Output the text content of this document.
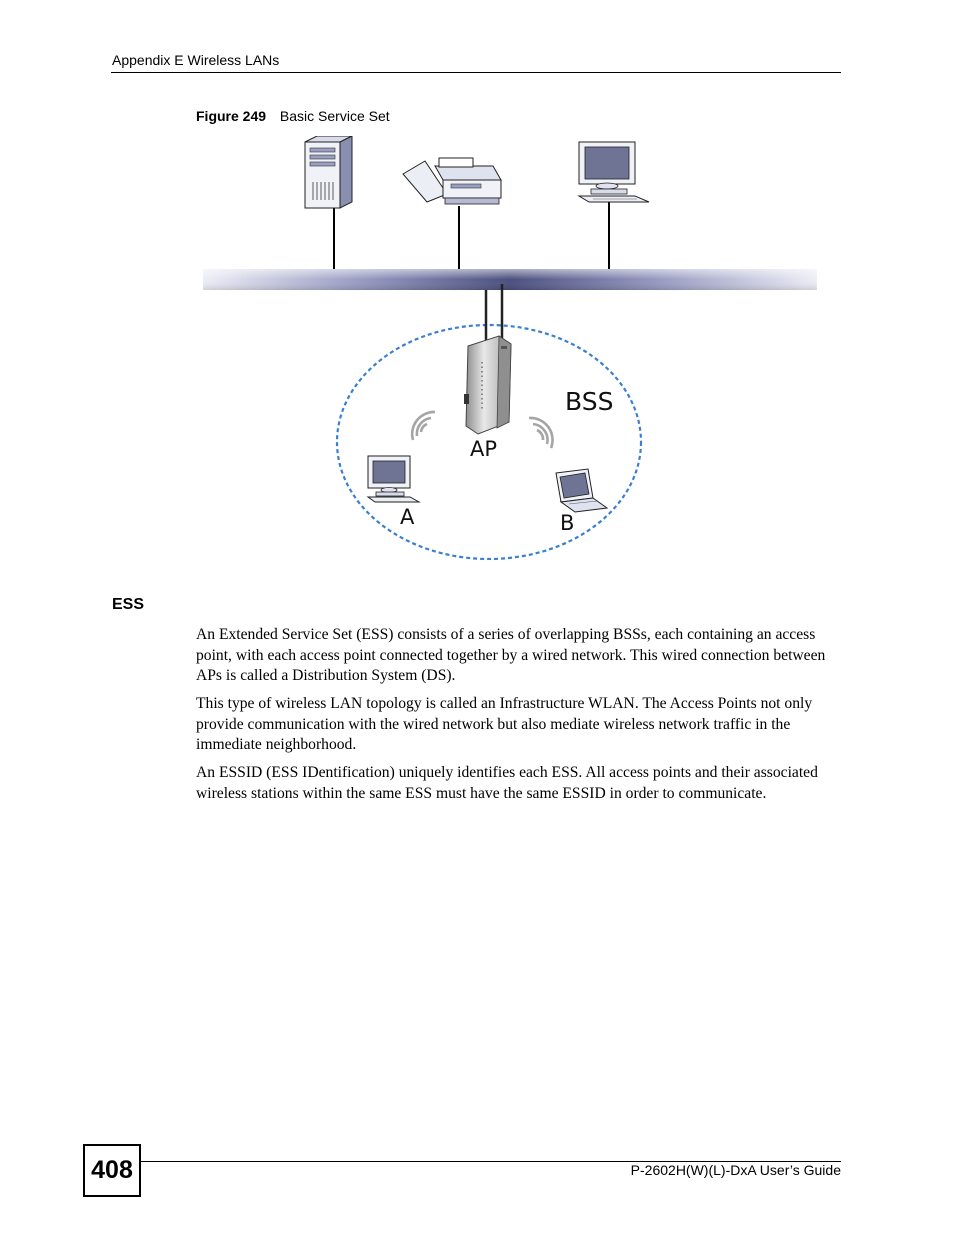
Appendix E Wireless LANs
Figure 249 Basic Service Set
BSS
AP
A	B
ESS

An Extended Service Set (ESS) consists of a series of overlapping BSSs, each containing an access point, with each access point connected together by a wired network. This wired connection between APs is called a Distribution System (DS).

This type of wireless LAN topology is called an Infrastructure WLAN. The Access Points not only provide communication with the wired network but also mediate wireless network traffic in the immediate neighborhood.

An ESSID (ESS IDentification) uniquely identifies each ESS. All access points and their associated wireless stations within the same ESS must have the same ESSID in order to communicate.

408	P-2602H(W)(L)-DxA User’s Guide
